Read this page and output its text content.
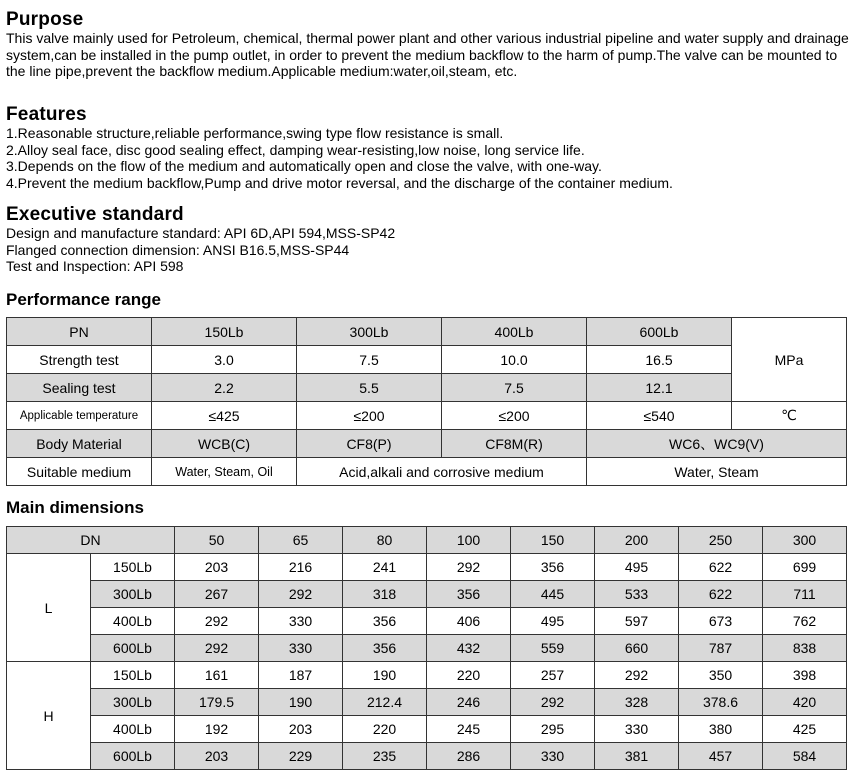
Purpose

This valve mainly used for Petroleum, chemical, thermal power plant and other various industrial pipeline and water supply and drainage system,can be installed in the pump outlet, in order to prevent the medium backflow to the harm of pump.The valve can be mounted to the line pipe,prevent the backflow medium.Applicable medium:water,oil,steam, etc.

Features
1.Reasonable structure,reliable performance,swing type flow resistance is small.
2.Alloy seal face, disc good sealing effect, damping wear-resisting,low noise, long service life.
3.Depends on the flow of the medium and automatically open and close the valve, with one-way.
4.Prevent the medium backflow,Pump and drive motor reversal, and the discharge of the container medium.
Executive standard
Design and manufacture standard: API 6D,API 594,MSS-SP42
Flanged connection dimension: ANSI B16.5,MSS-SP44
Test and Inspection: API 598
Performance range
PN	150Lb	300Lb	400Lb	600Lb	MPa
Strength test	3.0	7.5	10.0	16.5	
Sealing test	2.2	5.5	7.5	12.1	
Applicable temperature	≤425	≤200	≤200	≤540	℃
Body Material	WCB(C)	CF8(P)	CF8M(R)	WC6、WC9(V)	
Suitable medium	Water, Steam, Oil	Acid,alkali and corrosive medium		Water, Steam	
Main dimensions
DN		50	65	80	100	150	200	250	300
L	150Lb	203	216	241	292	356	495	622	699
	300Lb	267	292	318	356	445	533	622	711
	400Lb	292	330	356	406	495	597	673	762
	600Lb	292	330	356	432	559	660	787	838
H	150Lb	161	187	190	220	257	292	350	398
	300Lb	179.5	190	212.4	246	292	328	378.6	420
	400Lb	192	203	220	245	295	330	380	425
	600Lb	203	229	235	286	330	381	457	584
